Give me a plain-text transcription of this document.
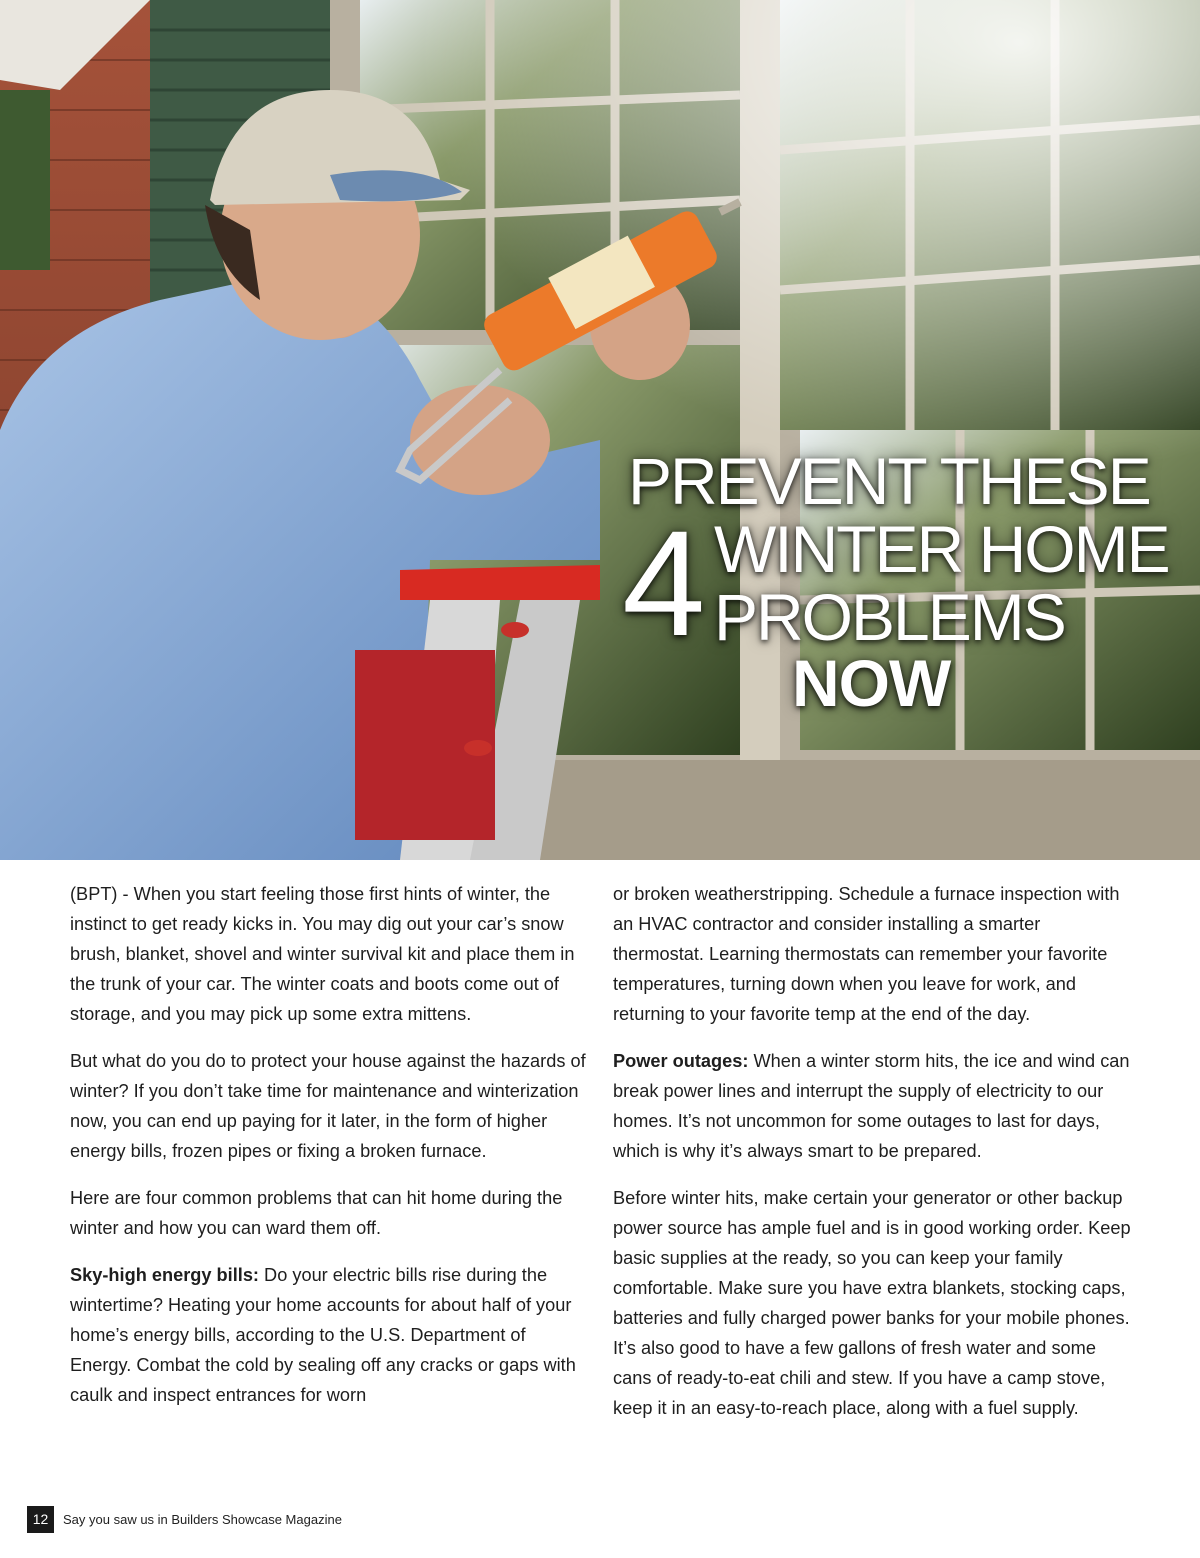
PREVENT THESE
4 WINTER HOME
PROBLEMS
NOW

(BPT) - When you start feeling those first hints of winter, the instinct to get ready kicks in. You may dig out your car’s snow brush, blanket, shovel and winter survival kit and place them in the trunk of your car. The winter coats and boots come out of storage, and you may pick up some extra mittens.

But what do you do to protect your house against the hazards of winter? If you don’t take time for maintenance and winterization now, you can end up paying for it later, in the form of higher energy bills, frozen pipes or fixing a broken furnace.

Here are four common problems that can hit home during the winter and how you can ward them off.

Sky-high energy bills: Do your electric bills rise during the wintertime? Heating your home accounts for about half of your home’s energy bills, according to the U.S. Department of Energy. Combat the cold by sealing off any cracks or gaps with caulk and inspect entrances for worn

or broken weatherstripping. Schedule a furnace inspection with an HVAC contractor and consider installing a smarter thermostat. Learning thermostats can remember your favorite temperatures, turning down when you leave for work, and returning to your favorite temp at the end of the day.

Power outages: When a winter storm hits, the ice and wind can break power lines and interrupt the supply of electricity to our homes. It’s not uncommon for some outages to last for days, which is why it’s always smart to be prepared.

Before winter hits, make certain your generator or other backup power source has ample fuel and is in good working order. Keep basic supplies at the ready, so you can keep your family comfortable. Make sure you have extra blankets, stocking caps, batteries and fully charged power banks for your mobile phones. It’s also good to have a few gallons of fresh water and some cans of ready-to-eat chili and stew. If you have a camp stove, keep it in an easy-to-reach place, along with a fuel supply.

12	Say you saw us in Builders Showcase Magazine
